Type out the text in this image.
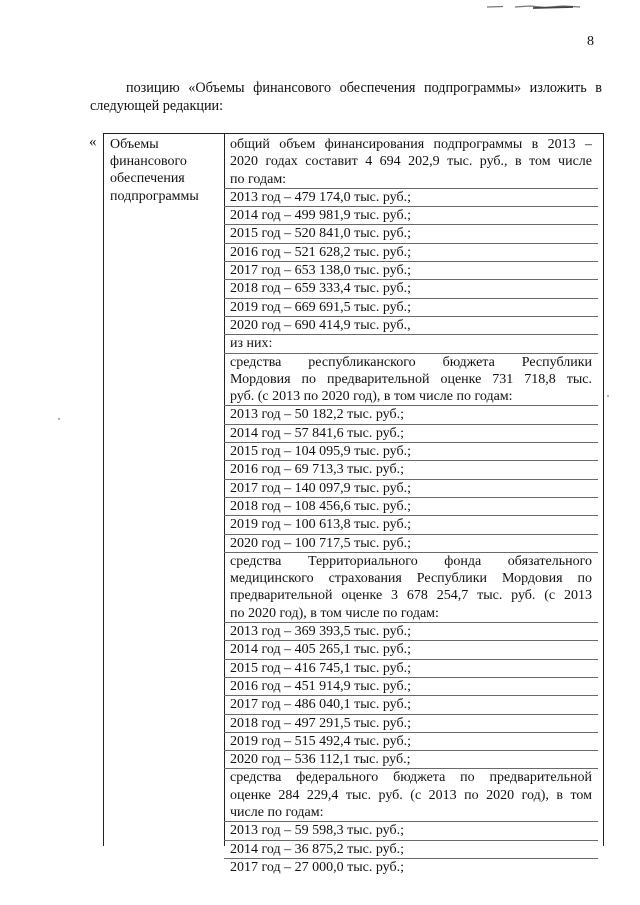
8

позицию «Объемы финансового обеспечения подпрограммы» изложить в следующей редакции:

« Объемы
финансового
обеспечения
подпрограммы
общий объем финансирования подпрограммы в 2013 –
2020 годах составит 4 694 202,9 тыс. руб., в том числе
по годам:
2013 год – 479 174,0 тыс. руб.;
2014 год – 499 981,9 тыс. руб.;
2015 год – 520 841,0 тыс. руб.;
2016 год – 521 628,2 тыс. руб.;
2017 год – 653 138,0 тыс. руб.;
2018 год – 659 333,4 тыс. руб.;
2019 год – 669 691,5 тыс. руб.;
2020 год – 690 414,9 тыс. руб.,
из них:
средства республиканского бюджета Республики
Мордовия по предварительной оценке 731 718,8 тыс.
руб. (с 2013 по 2020 год), в том числе по годам:
2013 год – 50 182,2 тыс. руб.;
2014 год – 57 841,6 тыс. руб.;
2015 год – 104 095,9 тыс. руб.;
2016 год – 69 713,3 тыс. руб.;
2017 год – 140 097,9 тыс. руб.;
2018 год – 108 456,6 тыс. руб.;
2019 год – 100 613,8 тыс. руб.;
2020 год – 100 717,5 тыс. руб.;
средства Территориального фонда обязательного
медицинского страхования Республики Мордовия по
предварительной оценке 3 678 254,7 тыс. руб. (с 2013
по 2020 год), в том числе по годам:
2013 год – 369 393,5 тыс. руб.;
2014 год – 405 265,1 тыс. руб.;
2015 год – 416 745,1 тыс. руб.;
2016 год – 451 914,9 тыс. руб.;
2017 год – 486 040,1 тыс. руб.;
2018 год – 497 291,5 тыс. руб.;
2019 год – 515 492,4 тыс. руб.;
2020 год – 536 112,1 тыс. руб.;
средства федерального бюджета по предварительной
оценке 284 229,4 тыс. руб. (с 2013 по 2020 год), в том
числе по годам:
2013 год – 59 598,3 тыс. руб.;
2014 год – 36 875,2 тыс. руб.;
2017 год – 27 000,0 тыс. руб.;
